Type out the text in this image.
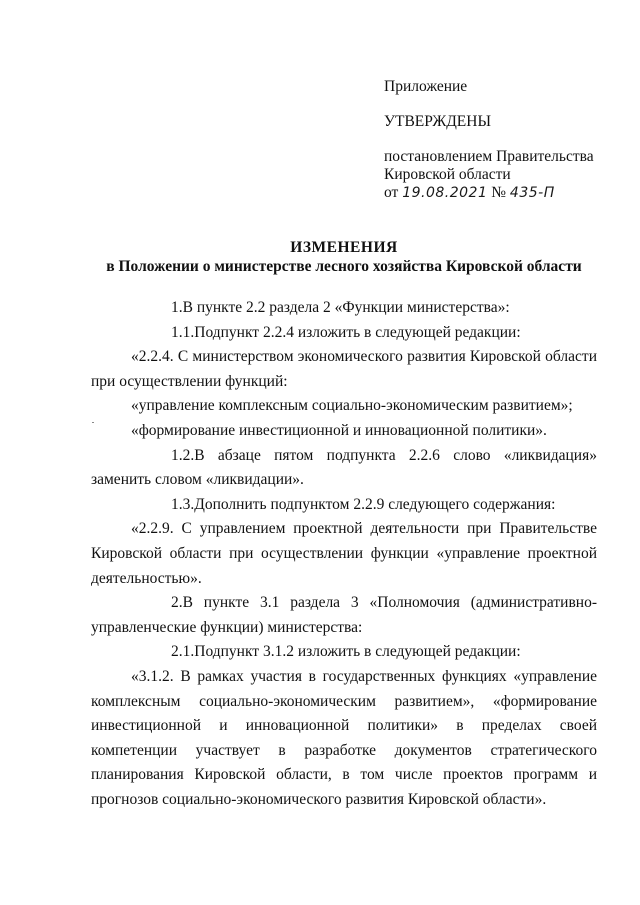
Приложение
УТВЕРЖДЕНЫ
постановлением Правительства
Кировской области
от 19.08.2021 № 435-П
ИЗМЕНЕНИЯ
в Положении о министерстве лесного хозяйства Кировской области

1.В пункте 2.2 раздела 2 «Функции министерства»:

1.1.Подпункт 2.2.4 изложить в следующей редакции:

«2.2.4. С министерством экономического развития Кировской области при осуществлении функций:

«управление комплексным социально-экономическим развитием»;

«формирование инвестиционной и инновационной политики».

1.2.В абзаце пятом подпункта 2.2.6 слово «ликвидация» заменить словом «ликвидации».

1.3.Дополнить подпунктом 2.2.9 следующего содержания:

«2.2.9. С управлением проектной деятельности при Правительстве Кировской области при осуществлении функции «управление проектной деятельностью».

2.В пункте 3.1 раздела 3 «Полномочия (административно-управленческие функции) министерства:

2.1.Подпункт 3.1.2 изложить в следующей редакции:

«3.1.2. В рамках участия в государственных функциях «управление комплексным социально-экономическим развитием», «формирование инвестиционной и инновационной политики» в пределах своей компетенции участвует в разработке документов стратегического планирования Кировской области, в том числе проектов программ и прогнозов социально-экономического развития Кировской области».
